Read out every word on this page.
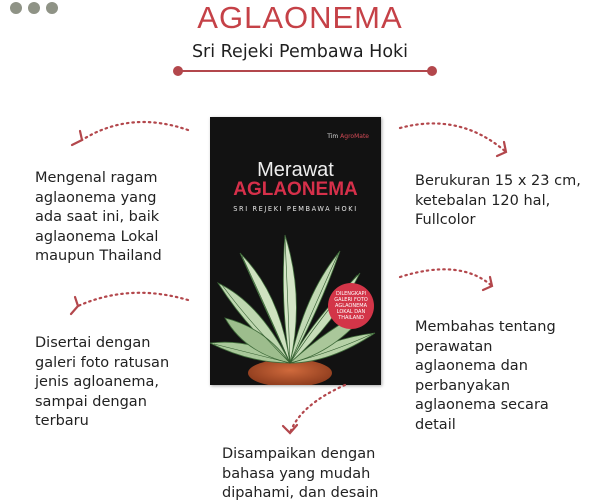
AGLAONEMA
Sri Rejeki Pembawa Hoki
Tim AgroMate
Merawat
AGLAONEMA
SRI REJEKI PEMBAWA HOKI
DILENGKAPI
GALERI FOTO
AGLAONEMA
LOKAL DAN
THAILAND
Mengenal ragam
aglaonema yang
ada saat ini, baik
aglaonema Lokal
maupun Thailand
Berukuran 15 x 23 cm,
ketebalan 120 hal,
Fullcolor
Disertai dengan
galeri foto ratusan
jenis agloanema,
sampai dengan
terbaru
Membahas tentang
perawatan
aglaonema dan
perbanyakan
aglaonema secara
detail
Disampaikan dengan
bahasa yang mudah
dipahami, dan desain
